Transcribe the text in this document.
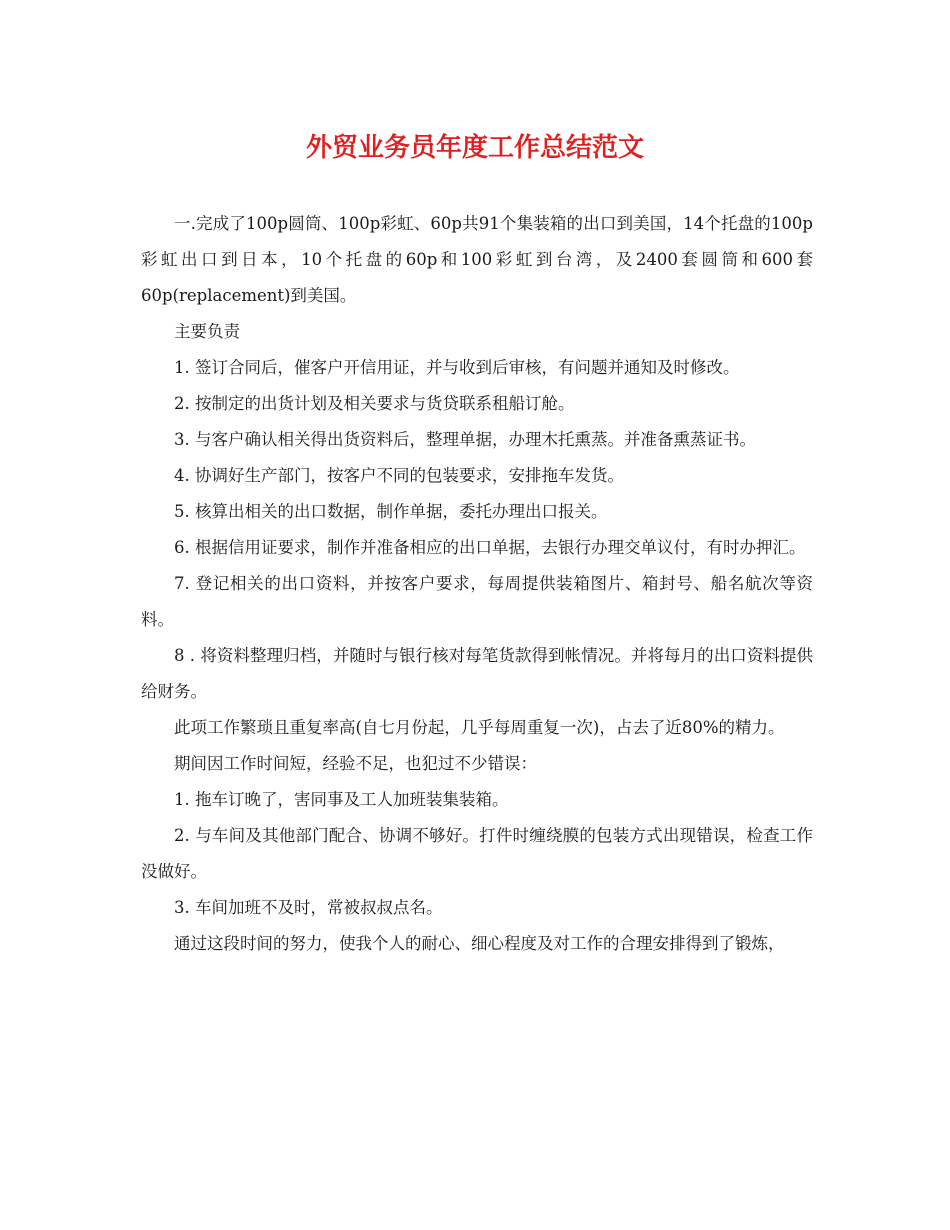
外贸业务员年度工作总结范文

一.完成了100p圆筒、100p彩虹、60p共91个集装箱的出口到美国，14个托盘的100p彩虹出口到日本，10个托盘的60p和100彩虹到台湾，及2400套圆筒和600套60p(replacement)到美国。

主要负责

1. 签订合同后，催客户开信用证，并与收到后审核，有问题并通知及时修改。

2. 按制定的出货计划及相关要求与货贷联系租船订舱。

3. 与客户确认相关得出货资料后，整理单据，办理木托熏蒸。并准备熏蒸证书。

4. 协调好生产部门，按客户不同的包装要求，安排拖车发货。

5. 核算出相关的出口数据，制作单据，委托办理出口报关。

6. 根据信用证要求，制作并准备相应的出口单据，去银行办理交单议付，有时办押汇。

7. 登记相关的出口资料，并按客户要求，每周提供装箱图片、箱封号、船名航次等资料。

8 . 将资料整理归档，并随时与银行核对每笔货款得到帐情况。并将每月的出口资料提供给财务。

此项工作繁琐且重复率高(自七月份起，几乎每周重复一次)，占去了近80%的精力。

期间因工作时间短，经验不足，也犯过不少错误：

1. 拖车订晚了，害同事及工人加班装集装箱。

2. 与车间及其他部门配合、协调不够好。打件时缠绕膜的包装方式出现错误，检查工作没做好。

3. 车间加班不及时，常被叔叔点名。

通过这段时间的努力，使我个人的耐心、细心程度及对工作的合理安排得到了锻炼，
